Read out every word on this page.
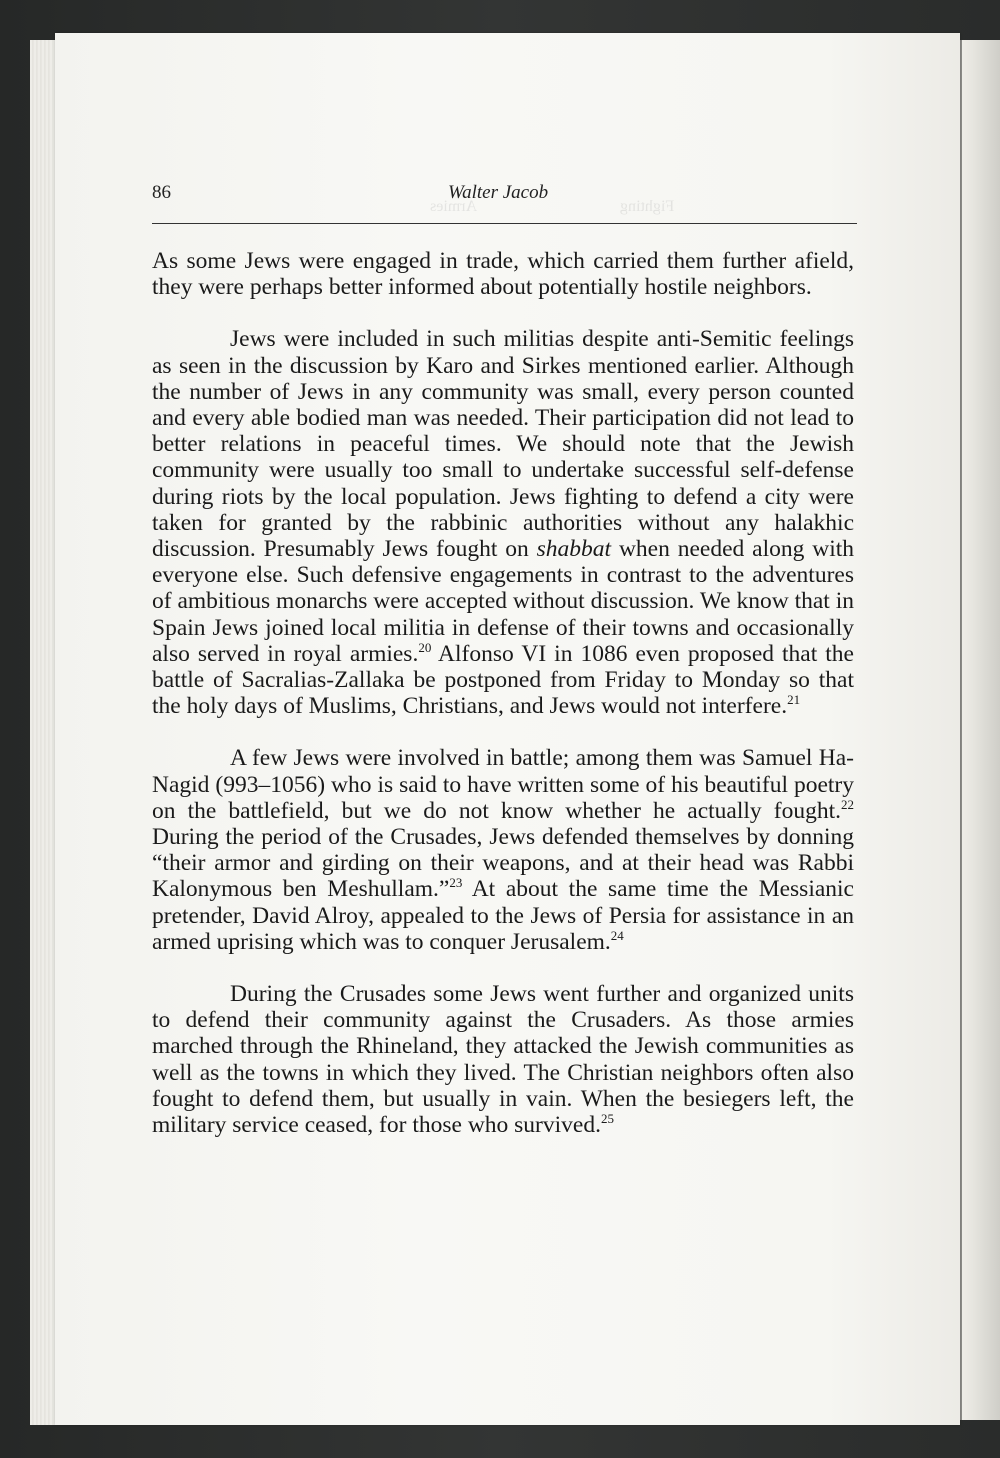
86	Walter Jacob

As some Jews were engaged in trade, which carried them further afield, they were perhaps better informed about potentially hostile neighbors.

Jews were included in such militias despite anti-Semitic feelings as seen in the discussion by Karo and Sirkes mentioned earlier. Although the number of Jews in any community was small, every person counted and every able bodied man was needed. Their participation did not lead to better relations in peaceful times. We should note that the Jewish community were usually too small to undertake successful self-defense during riots by the local population. Jews fighting to defend a city were taken for granted by the rabbinic authorities without any halakhic discussion. Presumably Jews fought on shabbat when needed along with everyone else. Such defensive engagements in contrast to the adventures of ambitious monarchs were accepted without discussion. We know that in Spain Jews joined local militia in defense of their towns and occasionally also served in royal armies.$^{20}$ Alfonso VI in 1086 even proposed that the battle of Sacralias-Zallaka be postponed from Friday to Monday so that the holy days of Muslims, Christians, and Jews would not interfere.$^{21}$

A few Jews were involved in battle; among them was Samuel Ha-Nagid (993–1056) who is said to have written some of his beautiful poetry on the battlefield, but we do not know whether he actually fought.$^{22}$ During the period of the Crusades, Jews defended themselves by donning “their armor and girding on their weapons, and at their head was Rabbi Kalonymous ben Meshullam.”$^{23}$ At about the same time the Messianic pretender, David Alroy, appealed to the Jews of Persia for assistance in an armed uprising which was to conquer Jerusalem.$^{24}$

During the Crusades some Jews went further and organized units to defend their community against the Crusaders. As those armies marched through the Rhineland, they attacked the Jewish communities as well as the towns in which they lived. The Christian neighbors often also fought to defend them, but usually in vain. When the besiegers left, the military service ceased, for those who survived.$^{25}$
